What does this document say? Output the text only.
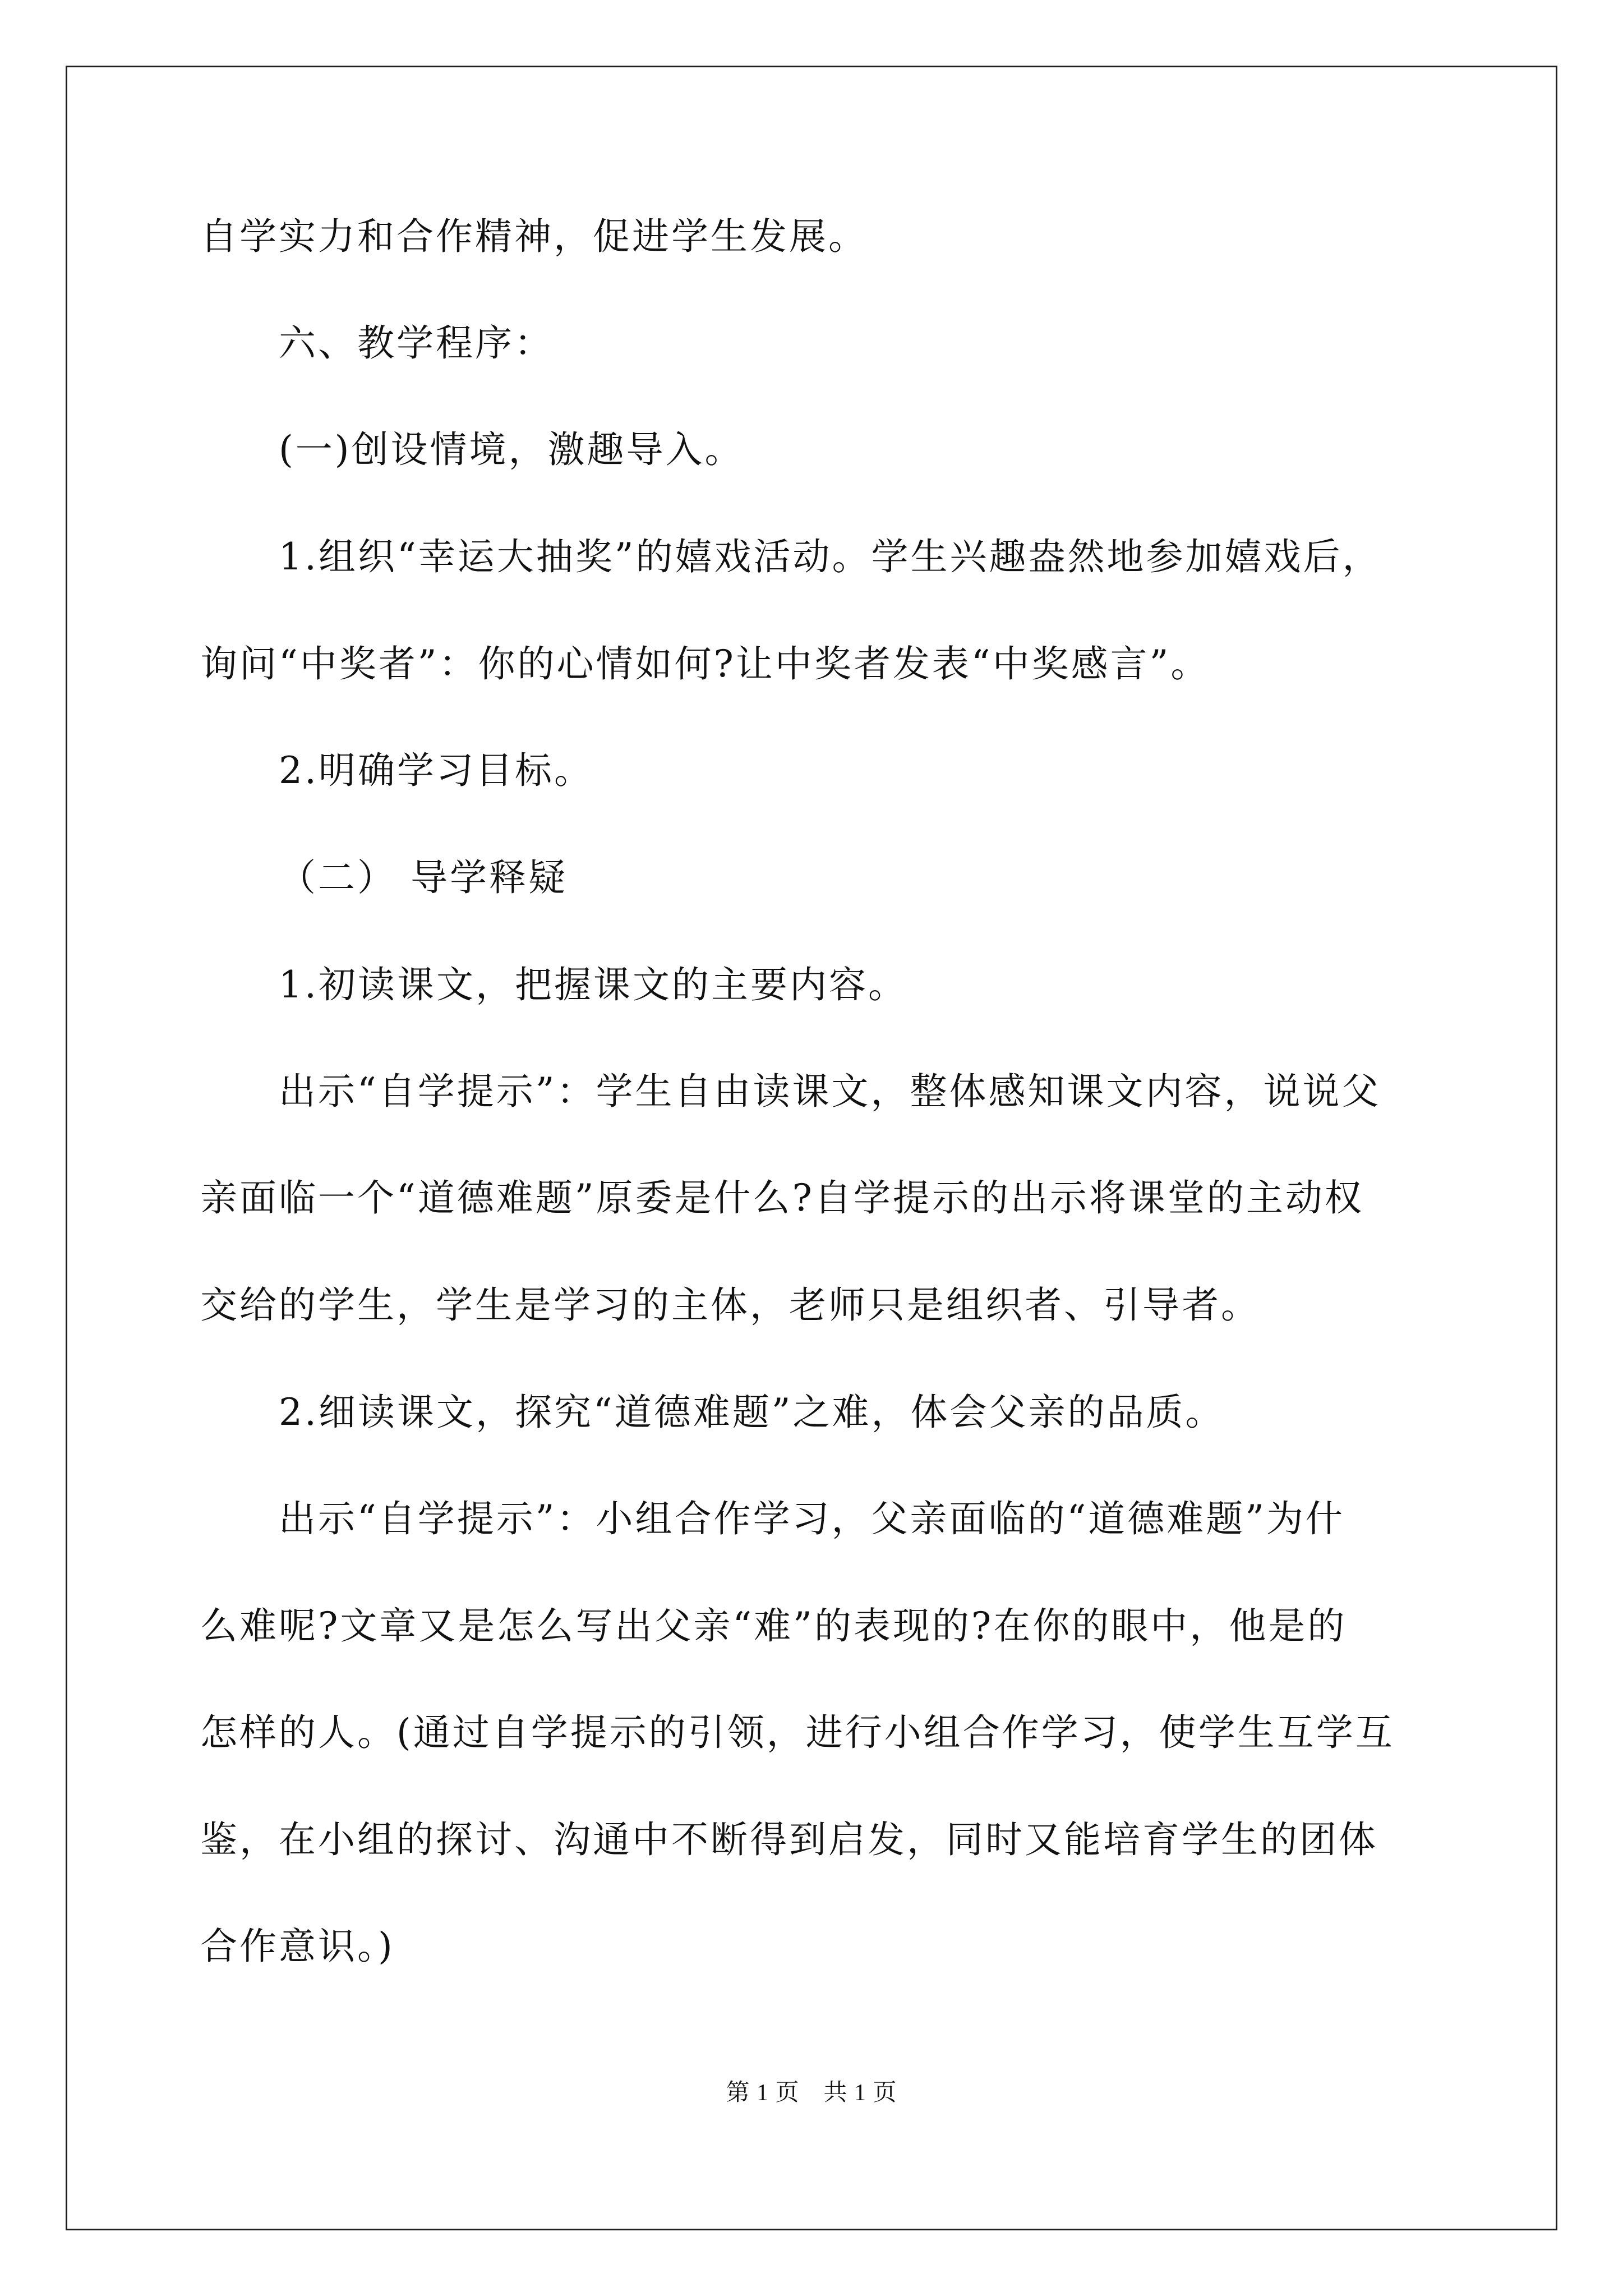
自学实力和合作精神，促进学生发展。
六、教学程序：
(一)创设情境，激趣导入。
1.组织“幸运大抽奖”的嬉戏活动。学生兴趣盎然地参加嬉戏后，
询问“中奖者”：你的心情如何?让中奖者发表“中奖感言”。
2.明确学习目标。
（二） 导学释疑
1.初读课文，把握课文的主要内容。
出示“自学提示”：学生自由读课文，整体感知课文内容，说说父
亲面临一个“道德难题”原委是什么?自学提示的出示将课堂的主动权
交给的学生，学生是学习的主体，老师只是组织者、引导者。
2.细读课文，探究“道德难题”之难，体会父亲的品质。
出示“自学提示”：小组合作学习，父亲面临的“道德难题”为什
么难呢?文章又是怎么写出父亲“难”的表现的?在你的眼中，他是的
怎样的人。(通过自学提示的引领，进行小组合作学习，使学生互学互
鉴，在小组的探讨、沟通中不断得到启发，同时又能培育学生的团体
合作意识。)
第 1 页　共 1 页
